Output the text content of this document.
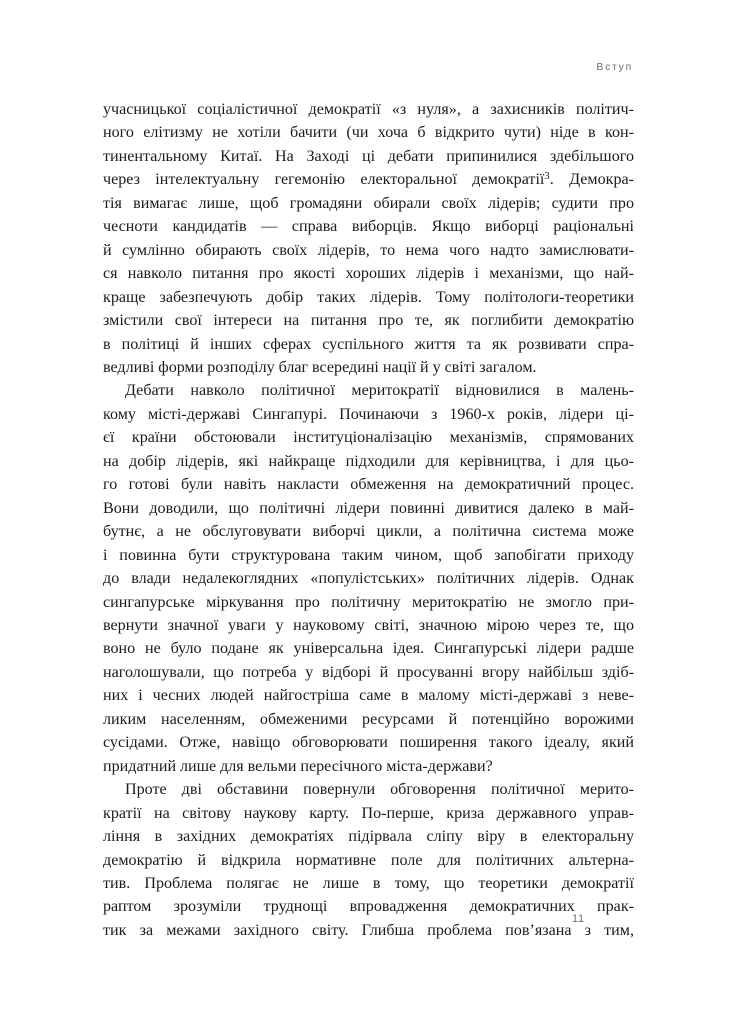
Вступ

учасницької соціалістичної демократії «з нуля», а захисників політич-
ного елітизму не хотіли бачити (чи хоча б відкрито чути) ніде в кон-
тинентальному Китаї. На Заході ці дебати припинилися здебільшого
через інтелектуальну гегемонію електоральної демократії$^3$. Демокра-
тія вимагає лише, щоб громадяни обирали своїх лідерів; судити про
чесноти кандидатів — справа виборців. Якщо виборці раціональні
й сумлінно обирають своїх лідерів, то нема чого надто замислювати-
ся навколо питання про якості хороших лідерів і механізми, що най-
краще забезпечують добір таких лідерів. Тому політологи-теоретики
змістили свої інтереси на питання про те, як поглибити демократію
в політиці й інших сферах суспільного життя та як розвивати спра-
ведливі форми розподілу благ всередині нації й у світі загалом.

Дебати навколо політичної меритократії відновилися в малень-
кому місті-державі Сингапурі. Починаючи з 1960-х років, лідери ці-
єї країни обстоювали інституціоналізацію механізмів, спрямованих
на добір лідерів, які найкраще підходили для керівництва, і для цьо-
го готові були навіть накласти обмеження на демократичний процес.
Вони доводили, що політичні лідери повинні дивитися далеко в май-
бутнє, а не обслуговувати виборчі цикли, а політична система може
і повинна бути структурована таким чином, щоб запобігати приходу
до влади недалекоглядних «популістських» політичних лідерів. Однак
сингапурське міркування про політичну меритократію не змогло при-
вернути значної уваги у науковому світі, значною мірою через те, що
воно не було подане як універсальна ідея. Сингапурські лідери радше
наголошували, що потреба у відборі й просуванні вгору найбільш здіб-
них і чесних людей найгостріша саме в малому місті-державі з неве-
ликим населенням, обмеженими ресурсами й потенційно ворожими
сусідами. Отже, навіщо обговорювати поширення такого ідеалу, який
придатний лише для вельми пересічного міста-держави?

Проте дві обставини повернули обговорення політичної мерито-
кратії на світову наукову карту. По-перше, криза державного управ-
ління в західних демократіях підірвала сліпу віру в електоральну
демократію й відкрила нормативне поле для політичних альтерна-
тив. Проблема полягає не лише в тому, що теоретики демократії
раптом зрозуміли труднощі впровадження демократичних прак-
тик за межами західного світу. Глибша проблема пов’язана з тим,

11
